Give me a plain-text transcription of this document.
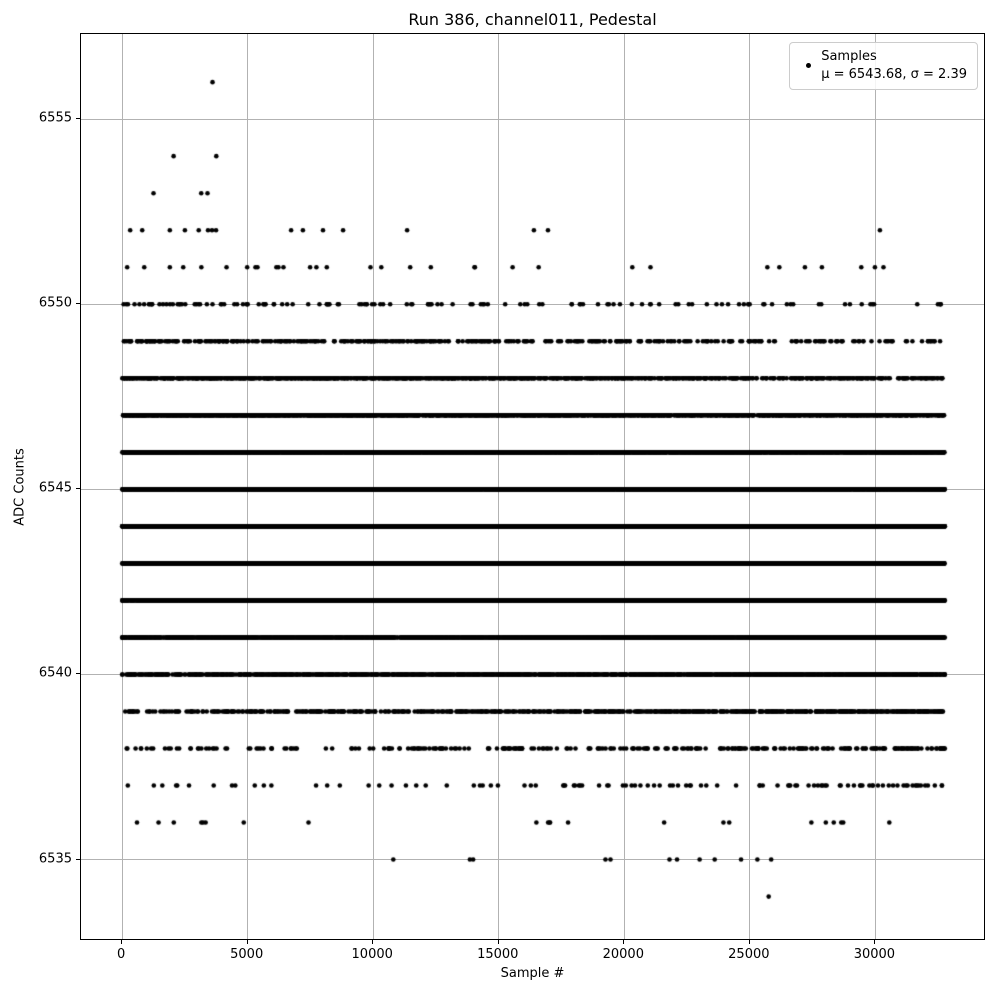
Run 386, channel011, Pedestal
Samples
μ = 6543.68, σ = 2.39
0	5000	10000	15000	20000	25000	30000
6535
6540
6545
6550
6555
Sample #
ADC Counts
